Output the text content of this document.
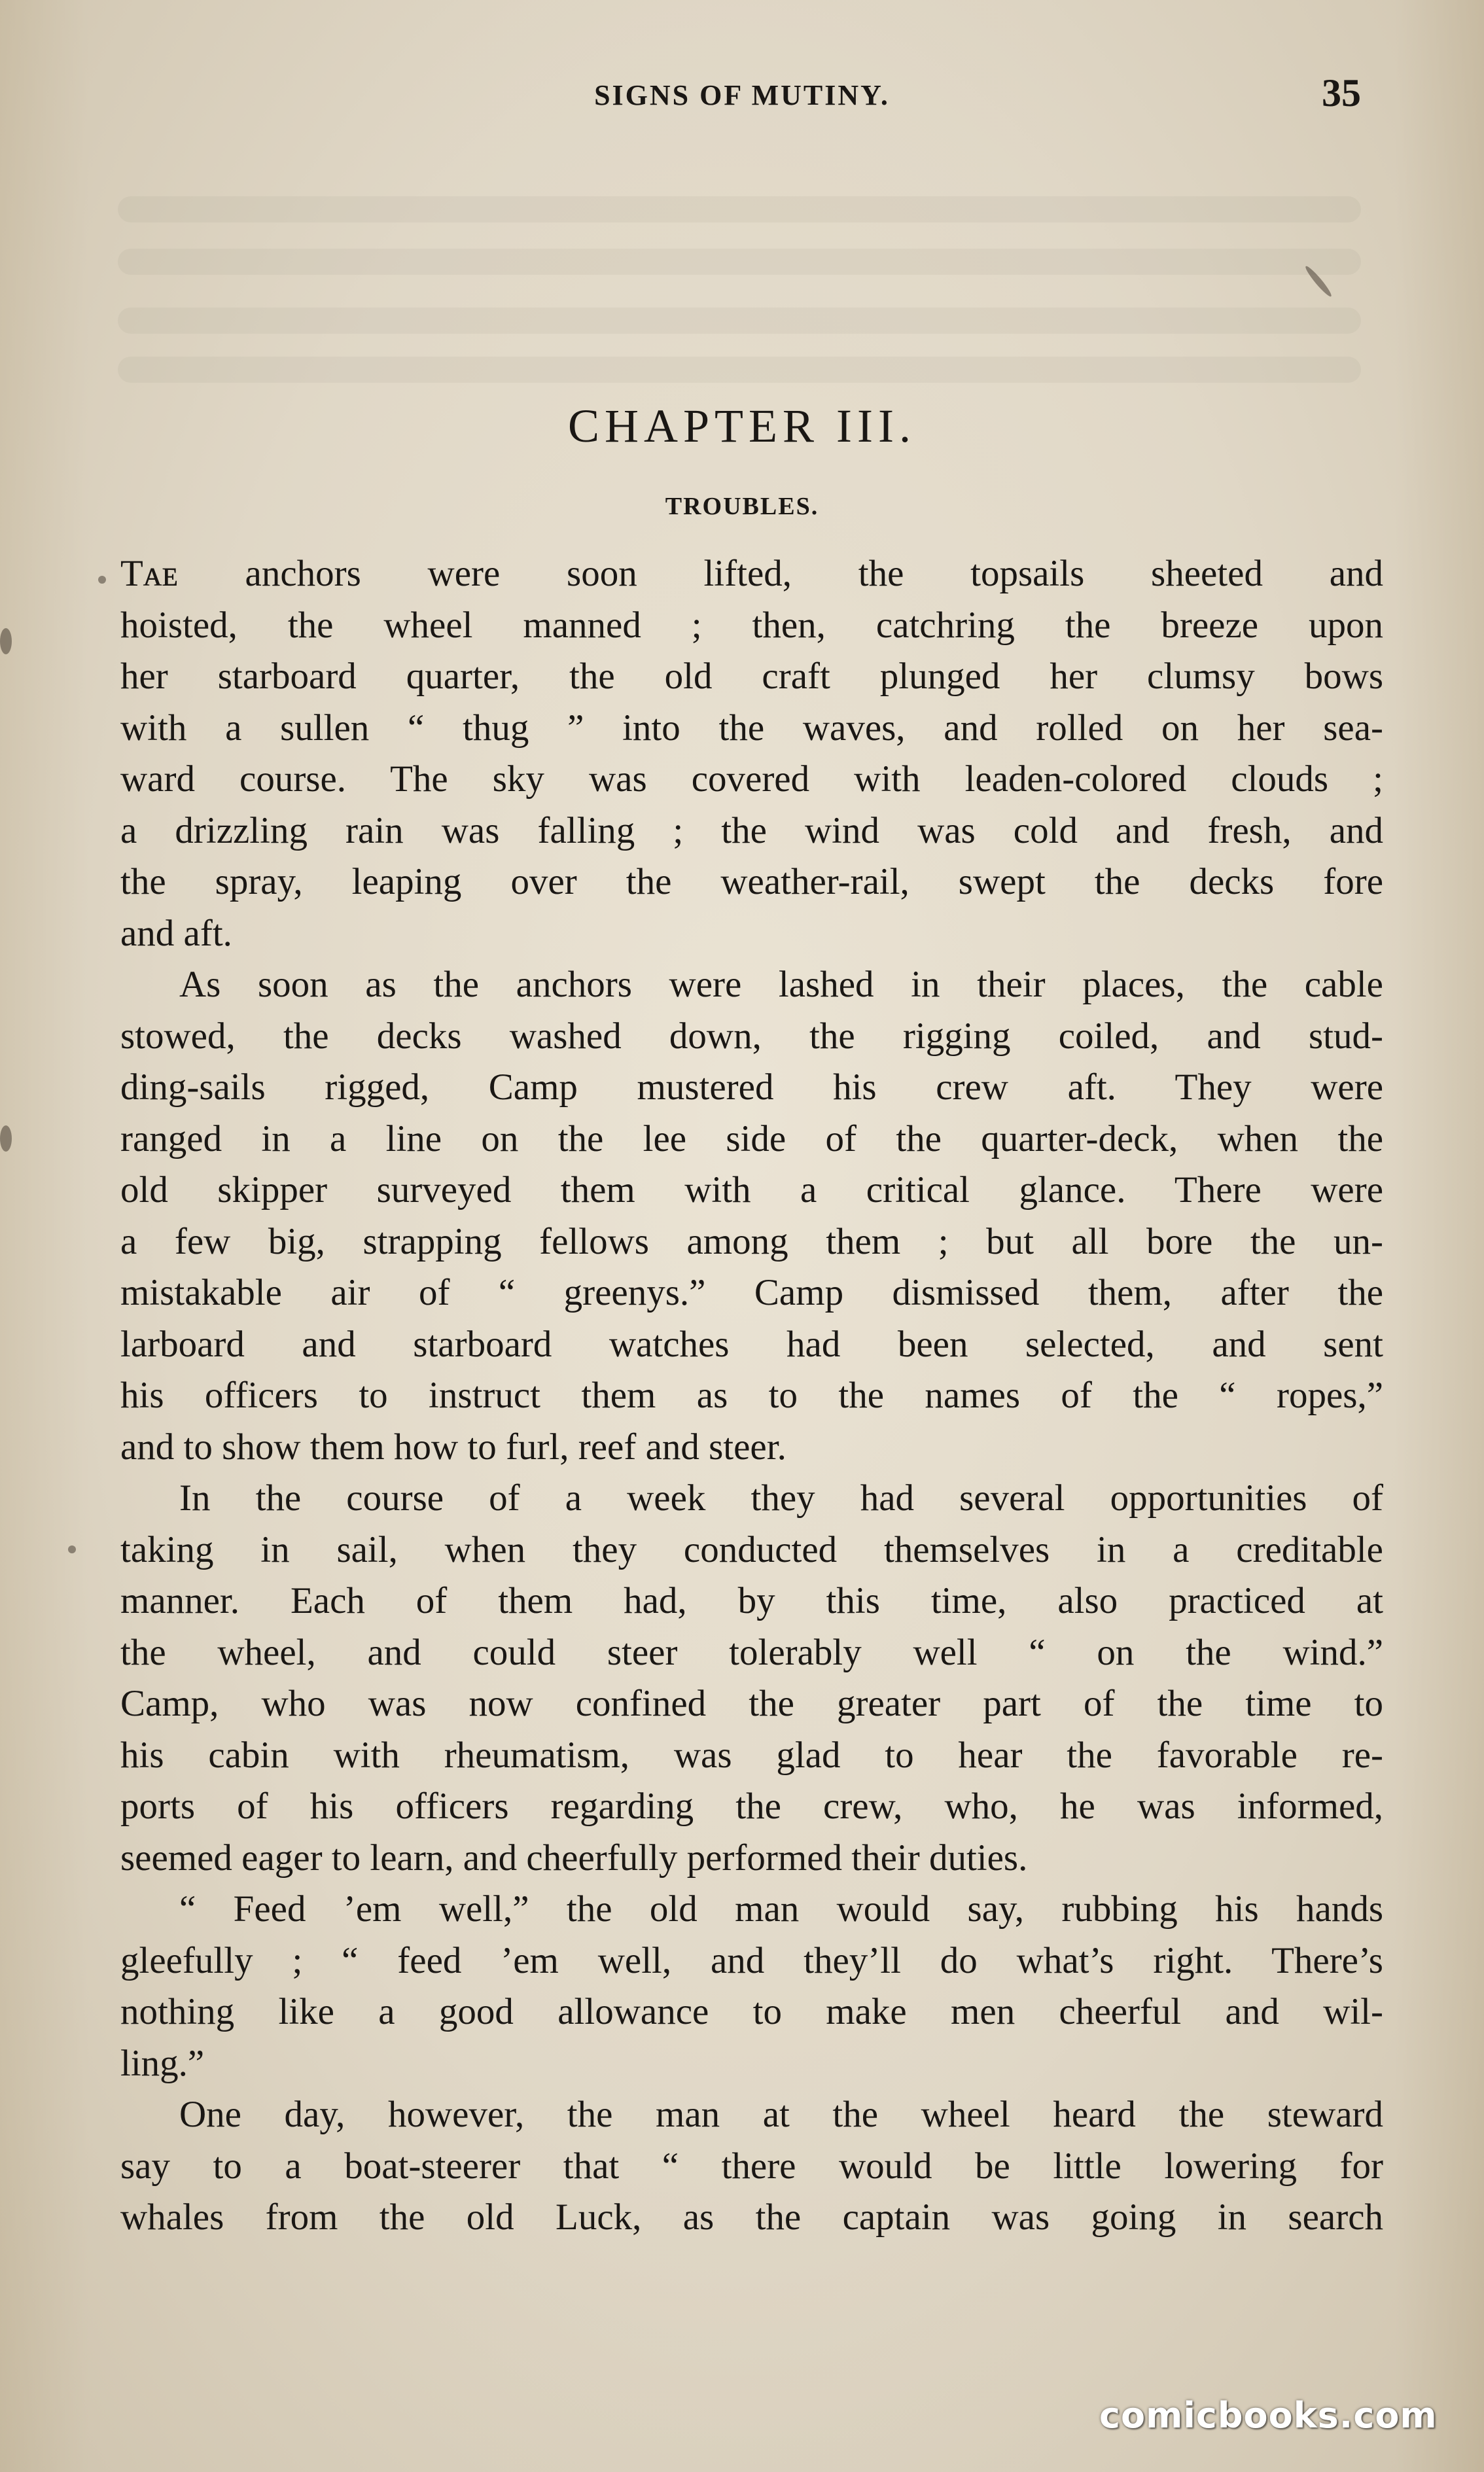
SIGNS OF MUTINY.	35
CHAPTER III.
TROUBLES.
Tᴀᴇ anchors were soon lifted, the topsails sheeted and
hoisted, the wheel manned ; then, catchring the breeze upon
her starboard quarter, the old craft plunged her clumsy bows
with a sullen “ thug ” into the waves, and rolled on her sea-
ward course. The sky was covered with leaden-colored clouds ;
a drizzling rain was falling ; the wind was cold and fresh, and
the spray, leaping over the weather-rail, swept the decks fore
and aft.
As soon as the anchors were lashed in their places, the cable
stowed, the decks washed down, the rigging coiled, and stud-
ding-sails rigged, Camp mustered his crew aft. They were
ranged in a line on the lee side of the quarter-deck, when the
old skipper surveyed them with a critical glance. There were
a few big, strapping fellows among them ; but all bore the un-
mistakable air of “ greenys.” Camp dismissed them, after the
larboard and starboard watches had been selected, and sent
his officers to instruct them as to the names of the “ ropes,”
and to show them how to furl, reef and steer.
In the course of a week they had several opportunities of
taking in sail, when they conducted themselves in a creditable
manner. Each of them had, by this time, also practiced at
the wheel, and could steer tolerably well “ on the wind.”
Camp, who was now confined the greater part of the time to
his cabin with rheumatism, was glad to hear the favorable re-
ports of his officers regarding the crew, who, he was informed,
seemed eager to learn, and cheerfully performed their duties.
“ Feed ’em well,” the old man would say, rubbing his hands
gleefully ; “ feed ’em well, and they’ll do what’s right. There’s
nothing like a good allowance to make men cheerful and wil-
ling.”
One day, however, the man at the wheel heard the steward
say to a boat-steerer that “ there would be little lowering for
whales from the old Luck, as the captain was going in search
comicbooks.com
